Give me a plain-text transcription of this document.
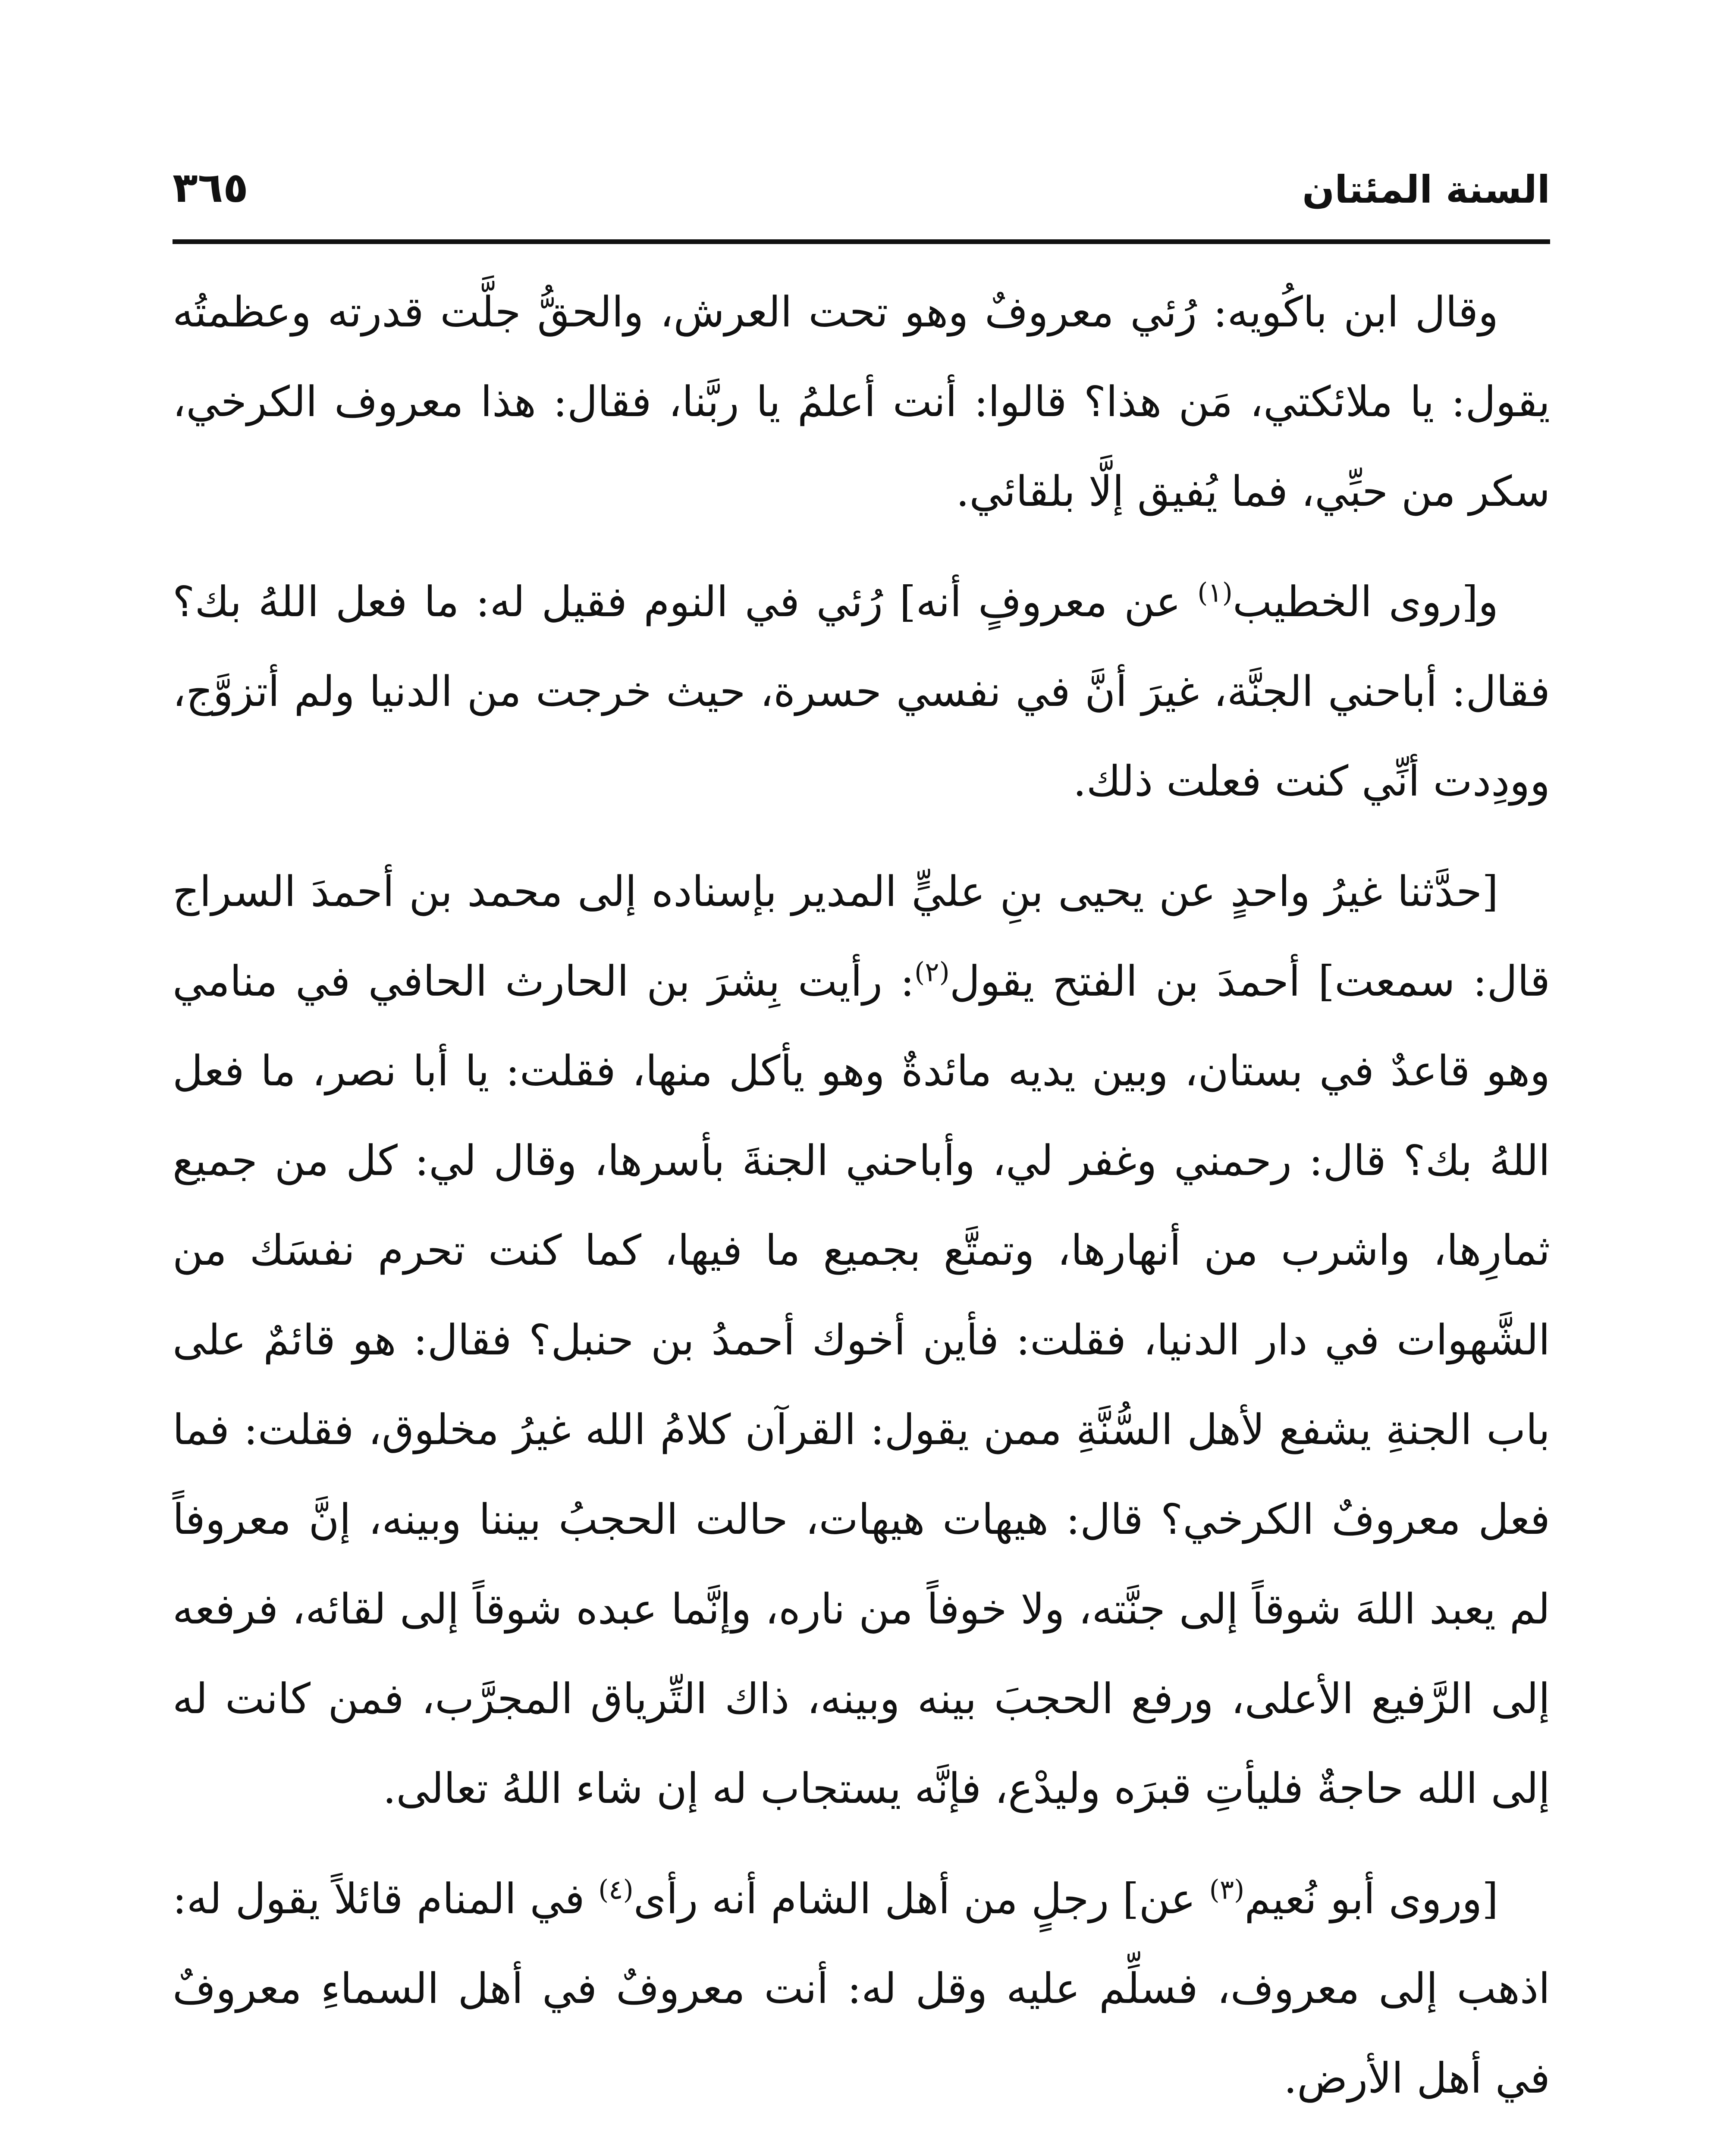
السنة المئتان
٣٦٥

وقال ابن باكُويه: رُئي معروفٌ وهو تحت العرش، والحقُّ جلَّت قدرته وعظمتُه يقول: يا ملائكتي، مَن هذا؟ قالوا: أنت أعلمُ يا ربَّنا، فقال: هذا معروف الكرخي، سكر من حبِّي، فما يُفيق إلَّا بلقائي.

و[روى الخطيب$^{(١)}$ عن معروفٍ أنه] رُئي في النوم فقيل له: ما فعل اللهُ بك؟ فقال: أباحني الجنَّة، غيرَ أنَّ في نفسي حسرة، حيث خرجت من الدنيا ولم أتزوَّج، وودِدت أنِّي كنت فعلت ذلك.

[حدَّثنا غيرُ واحدٍ عن يحيى بنِ عليٍّ المدير بإسناده إلى محمد بن أحمدَ السراج قال: سمعت] أحمدَ بن الفتح يقول$^{(٢)}$: رأيت بِشرَ بن الحارث الحافي في منامي وهو قاعدٌ في بستان، وبين يديه مائدةٌ وهو يأكل منها، فقلت: يا أبا نصر، ما فعل اللهُ بك؟ قال: رحمني وغفر لي، وأباحني الجنةَ بأسرها، وقال لي: كل من جميع ثمارِها، واشرب من أنهارها، وتمتَّع بجميع ما فيها، كما كنت تحرم نفسَك من الشَّهوات في دار الدنيا، فقلت: فأين أخوك أحمدُ بن حنبل؟ فقال: هو قائمٌ على باب الجنةِ يشفع لأهل السُّنَّةِ ممن يقول: القرآن كلامُ الله غيرُ مخلوق، فقلت: فما فعل معروفٌ الكرخي؟ قال: هيهات هيهات، حالت الحجبُ بيننا وبينه، إنَّ معروفاً لم يعبد اللهَ شوقاً إلى جنَّته، ولا خوفاً من ناره، وإنَّما عبده شوقاً إلى لقائه، فرفعه إلى الرَّفيع الأعلى، ورفع الحجبَ بينه وبينه، ذاك التِّرياق المجرَّب، فمن كانت له إلى الله حاجةٌ فليأتِ قبرَه وليدْع، فإنَّه يستجاب له إن شاء اللهُ تعالى.

[وروى أبو نُعيم$^{(٣)}$ عن] رجلٍ من أهل الشام أنه رأى$^{(٤)}$ في المنام قائلاً يقول له: اذهب إلى معروف، فسلِّم عليه وقل له: أنت معروفٌ في أهل السماءِ معروفٌ في أهل الأرض.
